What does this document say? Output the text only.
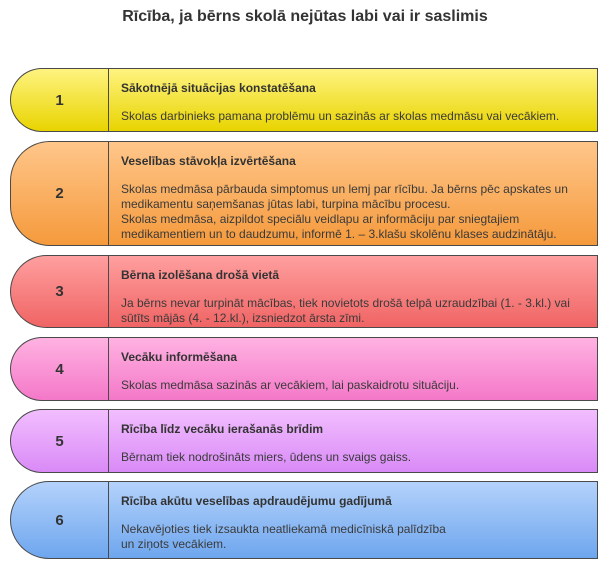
Rīcība, ja bērns skolā nejūtas labi vai ir saslimis
1
Sākotnējā situācijas konstatēšana
Skolas darbinieks pamana problēmu un sazinās ar skolas medmāsu vai vecākiem.
2
Veselības stāvokļa izvērtēšana
Skolas medmāsa pārbauda simptomus un lemj par rīcību. Ja bērns pēc apskates un
medikamentu saņemšanas jūtas labi, turpina mācību procesu.
Skolas medmāsa, aizpildot speciālu veidlapu ar informāciju par sniegtajiem
medikamentiem un to daudzumu, informē 1. – 3.klašu skolēnu klases audzinātāju.
3
Bērna izolēšana drošā vietā
Ja bērns nevar turpināt mācības, tiek novietots drošā telpā uzraudzībai (1. - 3.kl.) vai
sūtīts mājās (4. - 12.kl.), izsniedzot ārsta zīmi.
4
Vecāku informēšana
Skolas medmāsa sazinās ar vecākiem, lai paskaidrotu situāciju.
5
Rīcība līdz vecāku ierašanās brīdim
Bērnam tiek nodrošināts miers, ūdens un svaigs gaiss.
6
Rīcība akūtu veselības apdraudējumu gadījumā
Nekavējoties tiek izsaukta neatliekamā medicīniskā palīdzība
un ziņots vecākiem.
